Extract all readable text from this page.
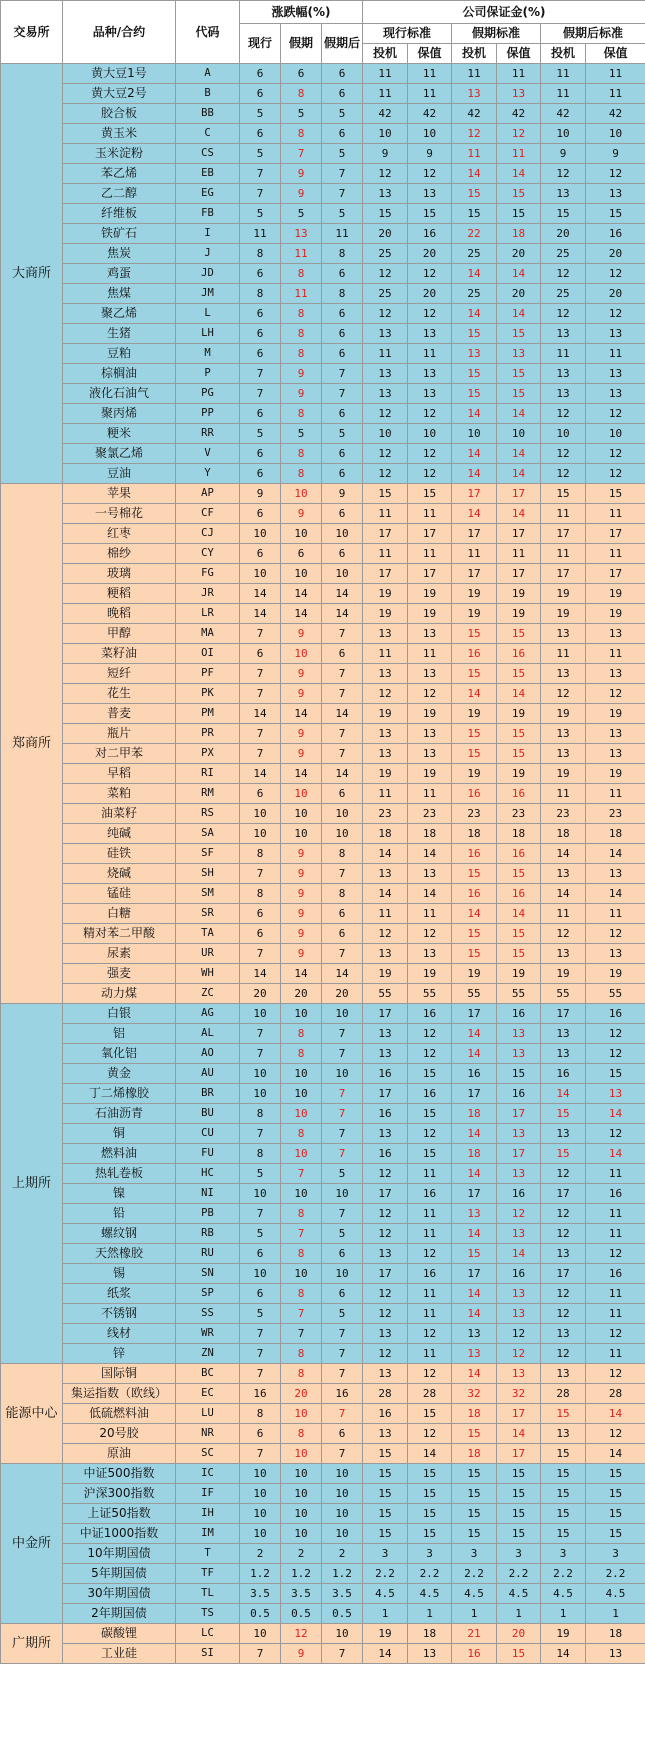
交易所	品种/合约	代码	涨跌幅(%)			公司保证金(%)					
			现行	假期	假期后	现行标准		假期标准		假期后标准	
						投机	保值	投机	保值	投机	保值
大商所	黄大豆1号	A	6	6	6	11	11	11	11	11	11
	黄大豆2号	B	6	8	6	11	11	13	13	11	11
	胶合板	BB	5	5	5	42	42	42	42	42	42
	黄玉米	C	6	8	6	10	10	12	12	10	10
	玉米淀粉	CS	5	7	5	9	9	11	11	9	9
	苯乙烯	EB	7	9	7	12	12	14	14	12	12
	乙二醇	EG	7	9	7	13	13	15	15	13	13
	纤维板	FB	5	5	5	15	15	15	15	15	15
	铁矿石	I	11	13	11	20	16	22	18	20	16
	焦炭	J	8	11	8	25	20	25	20	25	20
	鸡蛋	JD	6	8	6	12	12	14	14	12	12
	焦煤	JM	8	11	8	25	20	25	20	25	20
	聚乙烯	L	6	8	6	12	12	14	14	12	12
	生猪	LH	6	8	6	13	13	15	15	13	13
	豆粕	M	6	8	6	11	11	13	13	11	11
	棕榈油	P	7	9	7	13	13	15	15	13	13
	液化石油气	PG	7	9	7	13	13	15	15	13	13
	聚丙烯	PP	6	8	6	12	12	14	14	12	12
	粳米	RR	5	5	5	10	10	10	10	10	10
	聚氯乙烯	V	6	8	6	12	12	14	14	12	12
	豆油	Y	6	8	6	12	12	14	14	12	12
郑商所	苹果	AP	9	10	9	15	15	17	17	15	15
	一号棉花	CF	6	9	6	11	11	14	14	11	11
	红枣	CJ	10	10	10	17	17	17	17	17	17
	棉纱	CY	6	6	6	11	11	11	11	11	11
	玻璃	FG	10	10	10	17	17	17	17	17	17
	粳稻	JR	14	14	14	19	19	19	19	19	19
	晚稻	LR	14	14	14	19	19	19	19	19	19
	甲醇	MA	7	9	7	13	13	15	15	13	13
	菜籽油	OI	6	10	6	11	11	16	16	11	11
	短纤	PF	7	9	7	13	13	15	15	13	13
	花生	PK	7	9	7	12	12	14	14	12	12
	普麦	PM	14	14	14	19	19	19	19	19	19
	瓶片	PR	7	9	7	13	13	15	15	13	13
	对二甲苯	PX	7	9	7	13	13	15	15	13	13
	早稻	RI	14	14	14	19	19	19	19	19	19
	菜粕	RM	6	10	6	11	11	16	16	11	11
	油菜籽	RS	10	10	10	23	23	23	23	23	23
	纯碱	SA	10	10	10	18	18	18	18	18	18
	硅铁	SF	8	9	8	14	14	16	16	14	14
	烧碱	SH	7	9	7	13	13	15	15	13	13
	锰硅	SM	8	9	8	14	14	16	16	14	14
	白糖	SR	6	9	6	11	11	14	14	11	11
	精对苯二甲酸	TA	6	9	6	12	12	15	15	12	12
	尿素	UR	7	9	7	13	13	15	15	13	13
	强麦	WH	14	14	14	19	19	19	19	19	19
	动力煤	ZC	20	20	20	55	55	55	55	55	55
上期所	白银	AG	10	10	10	17	16	17	16	17	16
	铝	AL	7	8	7	13	12	14	13	13	12
	氧化铝	AO	7	8	7	13	12	14	13	13	12
	黄金	AU	10	10	10	16	15	16	15	16	15
	丁二烯橡胶	BR	10	10	7	17	16	17	16	14	13
	石油沥青	BU	8	10	7	16	15	18	17	15	14
	铜	CU	7	8	7	13	12	14	13	13	12
	燃料油	FU	8	10	7	16	15	18	17	15	14
	热轧卷板	HC	5	7	5	12	11	14	13	12	11
	镍	NI	10	10	10	17	16	17	16	17	16
	铅	PB	7	8	7	12	11	13	12	12	11
	螺纹钢	RB	5	7	5	12	11	14	13	12	11
	天然橡胶	RU	6	8	6	13	12	15	14	13	12
	锡	SN	10	10	10	17	16	17	16	17	16
	纸浆	SP	6	8	6	12	11	14	13	12	11
	不锈钢	SS	5	7	5	12	11	14	13	12	11
	线材	WR	7	7	7	13	12	13	12	13	12
	锌	ZN	7	8	7	12	11	13	12	12	11
能源中心	国际铜	BC	7	8	7	13	12	14	13	13	12
	集运指数（欧线）	EC	16	20	16	28	28	32	32	28	28
	低硫燃料油	LU	8	10	7	16	15	18	17	15	14
	20号胶	NR	6	8	6	13	12	15	14	13	12
	原油	SC	7	10	7	15	14	18	17	15	14
中金所	中证500指数	IC	10	10	10	15	15	15	15	15	15
	沪深300指数	IF	10	10	10	15	15	15	15	15	15
	上证50指数	IH	10	10	10	15	15	15	15	15	15
	中证1000指数	IM	10	10	10	15	15	15	15	15	15
	10年期国债	T	2	2	2	3	3	3	3	3	3
	5年期国债	TF	1.2	1.2	1.2	2.2	2.2	2.2	2.2	2.2	2.2
	30年期国债	TL	3.5	3.5	3.5	4.5	4.5	4.5	4.5	4.5	4.5
	2年期国债	TS	0.5	0.5	0.5	1	1	1	1	1	1
广期所	碳酸锂	LC	10	12	10	19	18	21	20	19	18
	工业硅	SI	7	9	7	14	13	16	15	14	13
